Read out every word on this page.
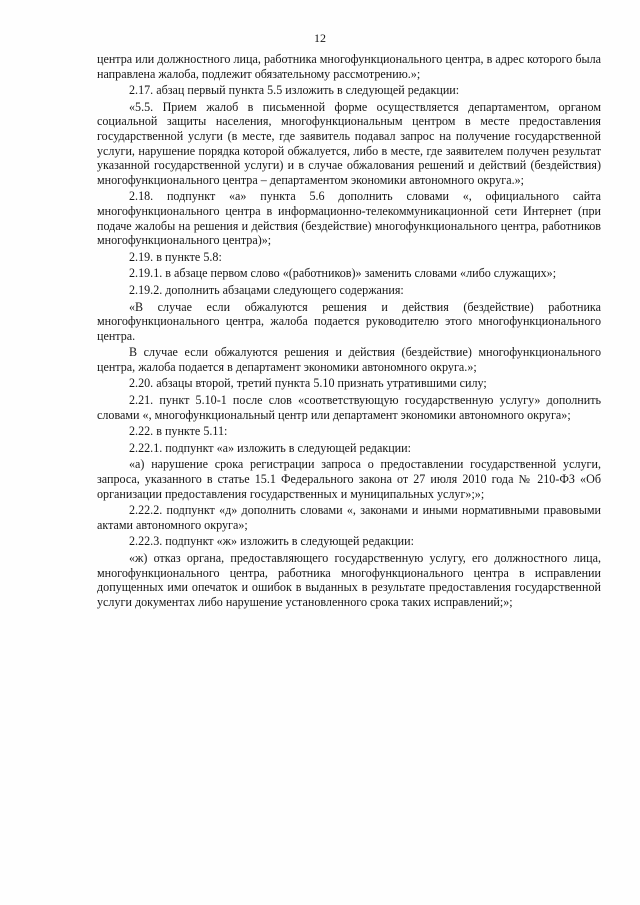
12

центра или должностного лица, работника многофункционального центра, в адрес которого была направлена жалоба, подлежит обязательному рассмотрению.»;

2.17. абзац первый пункта 5.5 изложить в следующей редакции:

«5.5. Прием жалоб в письменной форме осуществляется департаментом, органом социальной защиты населения, многофункциональным центром в месте предоставления государственной услуги (в месте, где заявитель подавал запрос на получение государственной услуги, нарушение порядка которой обжалуется, либо в месте, где заявителем получен результат указанной государственной услуги) и в случае обжалования решений и действий (бездействия) многофункционального центра – департаментом экономики автономного округа.»;

2.18. подпункт «а» пункта 5.6 дополнить словами «, официального сайта многофункционального центра в информационно-телекоммуникационной сети Интернет (при подаче жалобы на решения и действия (бездействие) многофункционального центра, работников многофункционального центра)»;

2.19. в пункте 5.8:

2.19.1. в абзаце первом слово «(работников)» заменить словами «либо служащих»;

2.19.2. дополнить абзацами следующего содержания:

«В случае если обжалуются решения и действия (бездействие) работника многофункционального центра, жалоба подается руководителю этого многофункционального центра.

В случае если обжалуются решения и действия (бездействие) многофункционального центра, жалоба подается в департамент экономики автономного округа.»;

2.20. абзацы второй, третий пункта 5.10 признать утратившими силу;

2.21. пункт 5.10-1 после слов «соответствующую государственную услугу» дополнить словами «, многофункциональный центр или департамент экономики автономного округа»;

2.22. в пункте 5.11:

2.22.1. подпункт «а» изложить в следующей редакции:

«а) нарушение срока регистрации запроса о предоставлении государственной услуги, запроса, указанного в статье 15.1 Федерального закона от 27 июля 2010 года № 210-ФЗ «Об организации предоставления государственных и муниципальных услуг»;»;

2.22.2. подпункт «д» дополнить словами «, законами и иными нормативными правовыми актами автономного округа»;

2.22.3. подпункт «ж» изложить в следующей редакции:

«ж) отказ органа, предоставляющего государственную услугу, его должностного лица, многофункционального центра, работника многофункционального центра в исправлении допущенных ими опечаток и ошибок в выданных в результате предоставления государственной услуги документах либо нарушение установленного срока таких исправлений;»;
